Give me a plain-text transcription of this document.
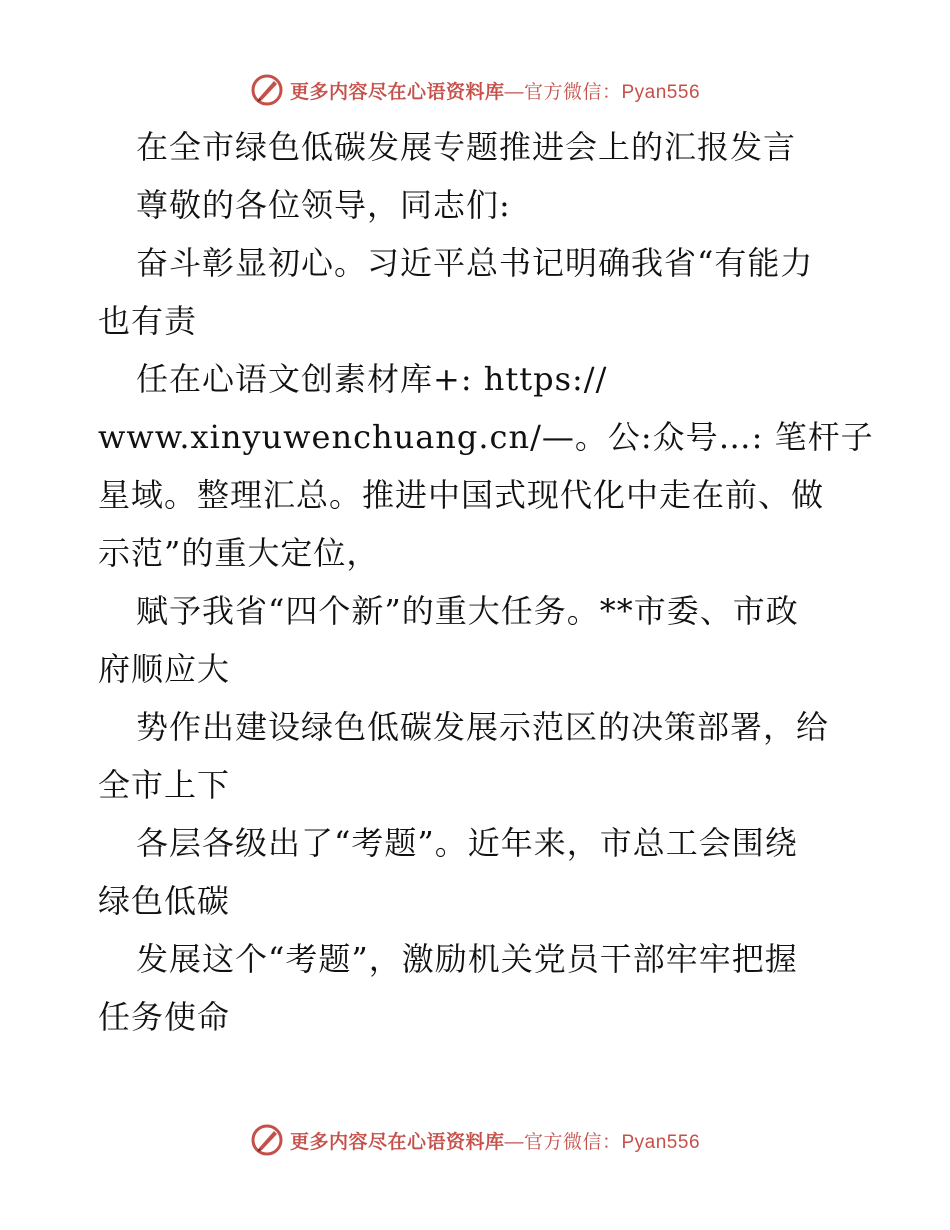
更多内容尽在心语资料库—官方微信：Pyan556
在全市绿色低碳发展专题推进会上的汇报发言
尊敬的各位领导，同志们:
奋斗彰显初心。习近平总书记明确我省“有能力
也有责
任在心语文创素材库+: https://
www.xinyuwenchuang.cn/—。公:众号…: 笔杆子
星域。整理汇总。推进中国式现代化中走在前、做
示范”的重大定位，
赋予我省“四个新”的重大任务。**市委、市政
府顺应大
势作出建设绿色低碳发展示范区的决策部署，给
全市上下
各层各级出了“考题”。近年来，市总工会围绕
绿色低碳
发展这个“考题”，激励机关党员干部牢牢把握
任务使命
更多内容尽在心语资料库—官方微信：Pyan556
